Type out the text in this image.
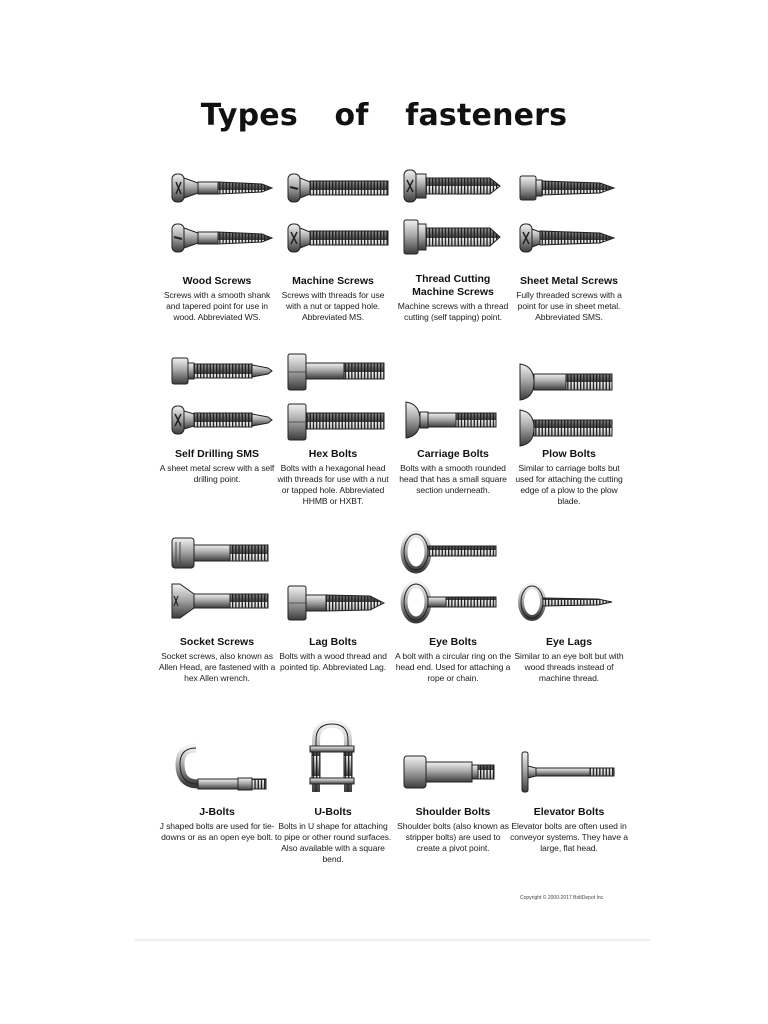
Types of fasteners
Wood Screws
Screws with a smooth shank and tapered point for use in wood. Abbreviated WS.
Machine Screws
Screws with threads for use with a nut or tapped hole. Abbreviated MS.
Thread Cutting Machine Screws
Machine screws with a thread cutting (self tapping) point.
Sheet Metal Screws
Fully threaded screws with a point for use in sheet metal. Abbreviated SMS.
Self Drilling SMS
A sheet metal screw with a self drilling point.
Hex Bolts
Bolts with a hexagonal head with threads for use with a nut or tapped hole. Abbreviated HHMB or HXBT.
Carriage Bolts
Bolts with a smooth rounded head that has a small square section underneath.
Plow Bolts
Similar to carriage bolts but used for attaching the cutting edge of a plow to the plow blade.
Socket Screws
Socket screws, also known as Allen Head, are fastened with a hex Allen wrench.
Lag Bolts
Bolts with a wood thread and pointed tip. Abbreviated Lag.
Eye Bolts
A bolt with a circular ring on the head end. Used for attaching a rope or chain.
Eye Lags
Similar to an eye bolt but with wood threads instead of machine thread.
J-Bolts
J shaped bolts are used for tie-downs or as an open eye bolt.
U-Bolts
Bolts in U shape for attaching to pipe or other round surfaces. Also available with a square bend.
Shoulder Bolts
Shoulder bolts (also known as stripper bolts) are used to create a pivot point.
Elevator Bolts
Elevator bolts are often used in conveyor systems. They have a large, flat head.
Copyright © 2000-2017 BoltDepot Inc.
